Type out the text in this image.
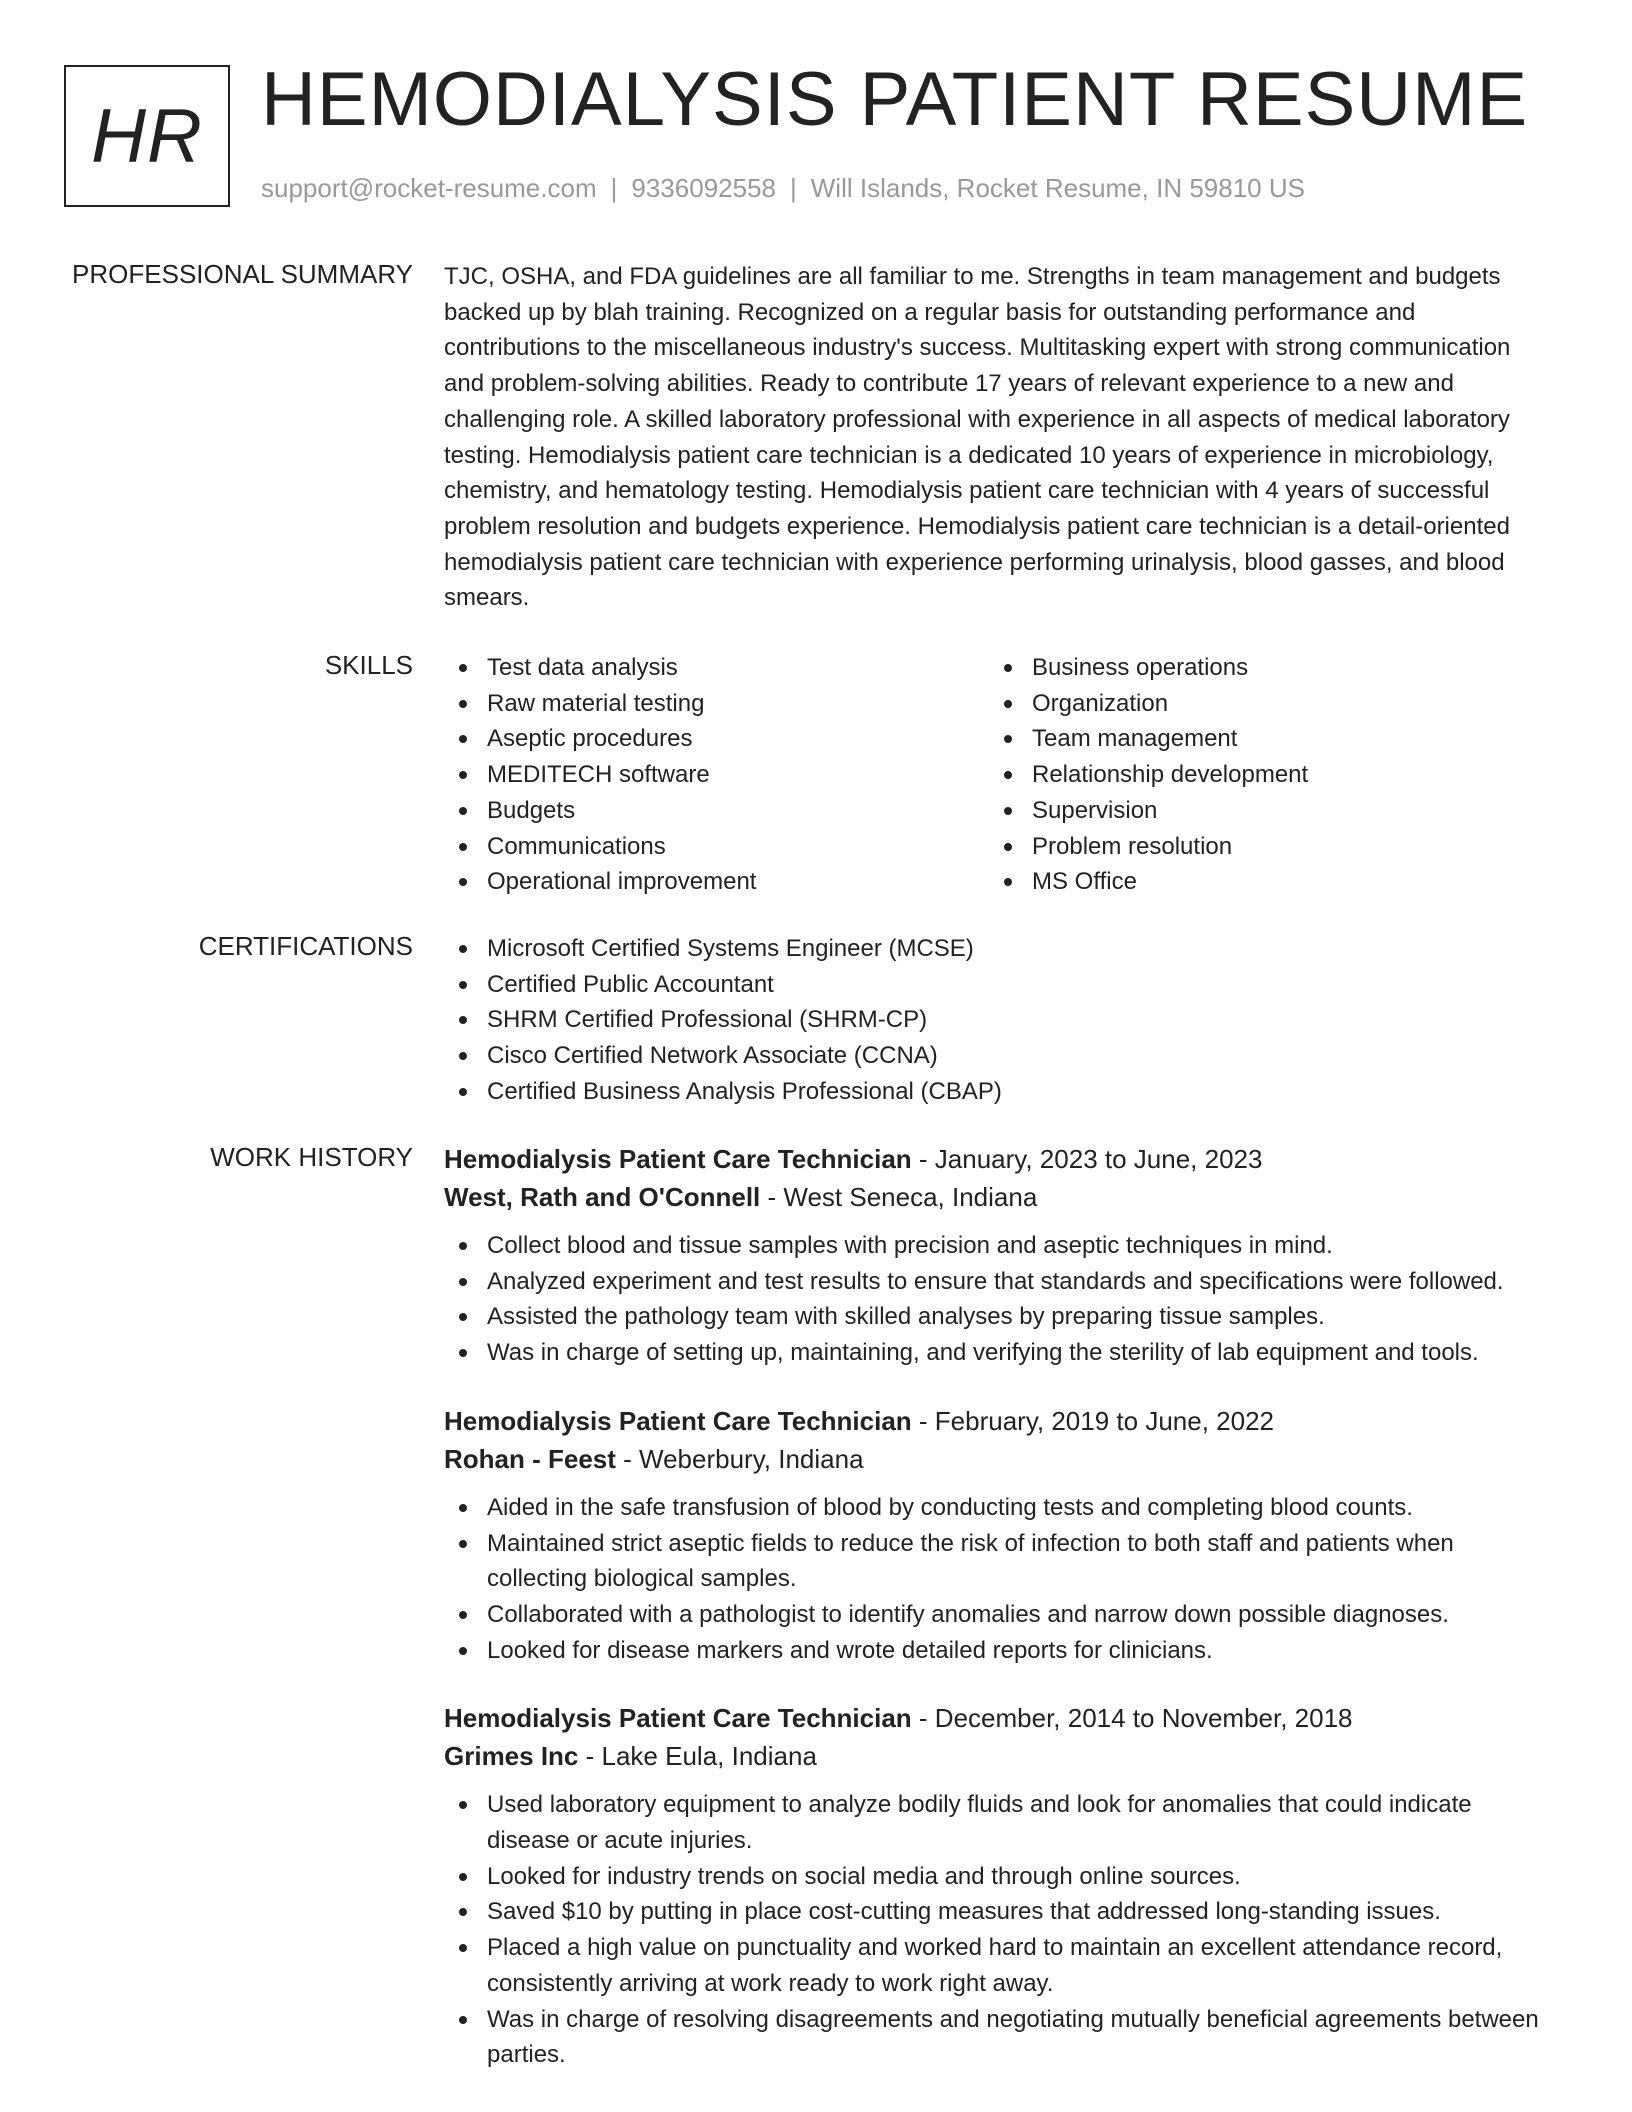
HR HEMODIALYSIS PATIENT RESUME
support@rocket-resume.com | 9336092558 | Will Islands, Rocket Resume, IN 59810 US
PROFESSIONAL SUMMARY TJC, OSHA, and FDA guidelines are all familiar to me. Strengths in team management and budgets backed up by blah training. Recognized on a regular basis for outstanding performance and contributions to the miscellaneous industry's success. Multitasking expert with strong communication and problem-solving abilities. Ready to contribute 17 years of relevant experience to a new and challenging role. A skilled laboratory professional with experience in all aspects of medical laboratory testing. Hemodialysis patient care technician is a dedicated 10 years of experience in microbiology, chemistry, and hematology testing. Hemodialysis patient care technician with 4 years of successful problem resolution and budgets experience. Hemodialysis patient care technician is a detail-oriented hemodialysis patient care technician with experience performing urinalysis, blood gasses, and blood smears.
SKILLS	Test data analysis
Raw material testing
Aseptic procedures
MEDITECH software
Budgets
Communications
Operational improvement
Business operations
Organization
Team management
Relationship development
Supervision
Problem resolution
MS Office
CERTIFICATIONS	Microsoft Certified Systems Engineer (MCSE)
Certified Public Accountant
SHRM Certified Professional (SHRM-CP)
Cisco Certified Network Associate (CCNA)
Certified Business Analysis Professional (CBAP)
WORK HISTORY Hemodialysis Patient Care Technician - January, 2023 to June, 2023
West, Rath and O'Connell - West Seneca, Indiana
Collect blood and tissue samples with precision and aseptic techniques in mind.
Analyzed experiment and test results to ensure that standards and specifications were followed.
Assisted the pathology team with skilled analyses by preparing tissue samples.
Was in charge of setting up, maintaining, and verifying the sterility of lab equipment and tools.
Hemodialysis Patient Care Technician - February, 2019 to June, 2022
Rohan - Feest - Weberbury, Indiana
Aided in the safe transfusion of blood by conducting tests and completing blood counts.
Maintained strict aseptic fields to reduce the risk of infection to both staff and patients when collecting biological samples.
Collaborated with a pathologist to identify anomalies and narrow down possible diagnoses.
Looked for disease markers and wrote detailed reports for clinicians.
Hemodialysis Patient Care Technician - December, 2014 to November, 2018
Grimes Inc - Lake Eula, Indiana
Used laboratory equipment to analyze bodily fluids and look for anomalies that could indicate disease or acute injuries.
Looked for industry trends on social media and through online sources.
Saved $10 by putting in place cost-cutting measures that addressed long-standing issues.
Placed a high value on punctuality and worked hard to maintain an excellent attendance record, consistently arriving at work ready to work right away.
Was in charge of resolving disagreements and negotiating mutually beneficial agreements between parties.
